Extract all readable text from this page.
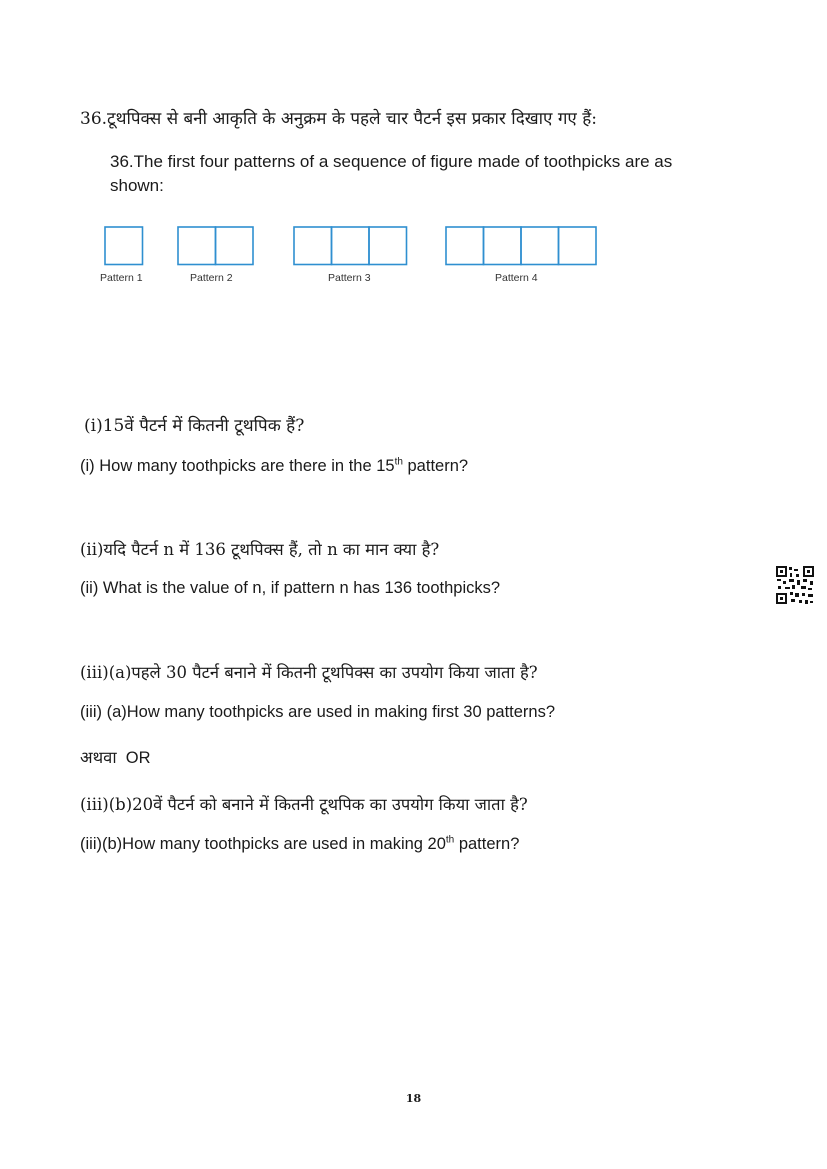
36.टूथपिक्स से बनी आकृति के अनुक्रम के पहले चार पैटर्न इस प्रकार दिखाए गए हैं:
36.The first four patterns of a sequence of figure made of toothpicks are as shown:
Pattern 1	Pattern 2	Pattern 3	Pattern 4
(i)15वें पैटर्न में कितनी टूथपिक हैं?
(i) How many toothpicks are there in the 15th pattern?
(ii)यदि पैटर्न n में 136 टूथपिक्स हैं, तो n का मान क्या है?
(ii) What is the value of n, if pattern n has 136 toothpicks?
(iii)(a)पहले 30 पैटर्न बनाने में कितनी टूथपिक्स का उपयोग किया जाता है?
(iii) (a)How many toothpicks are used in making first 30 patterns?
अथवा OR
(iii)(b)20वें पैटर्न को बनाने में कितनी टूथपिक का उपयोग किया जाता है?
(iii)(b)How many toothpicks are used in making 20th pattern?
18
